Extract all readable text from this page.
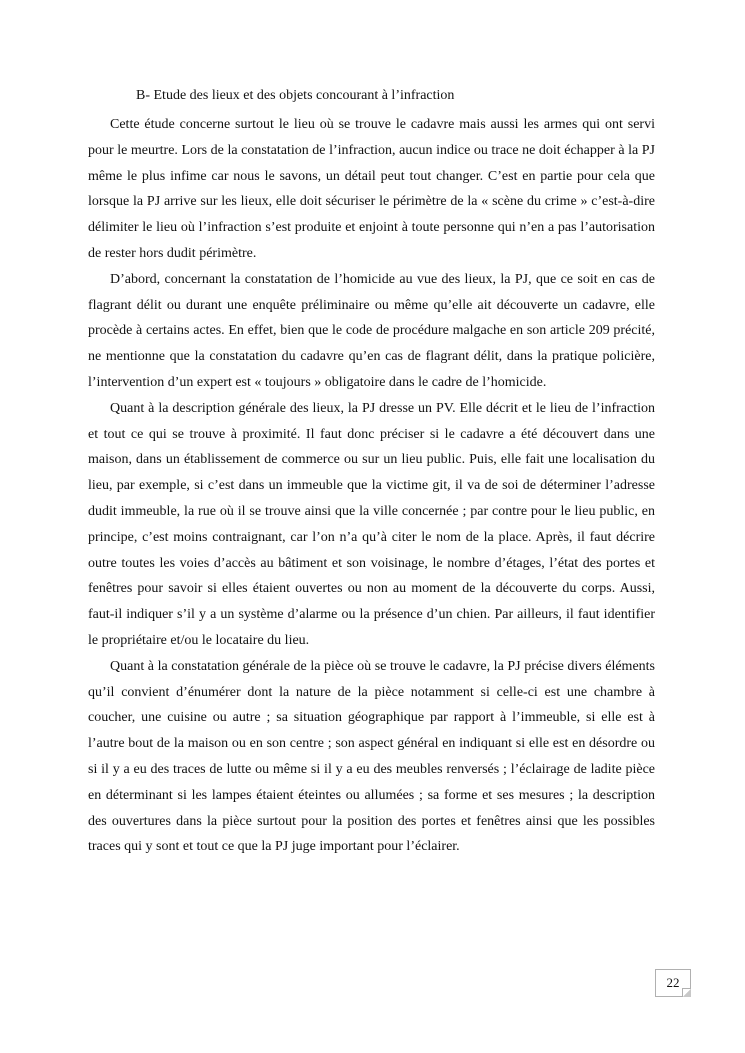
B- Etude des lieux et des objets concourant à l’infraction

Cette étude concerne surtout le lieu où se trouve le cadavre mais aussi les armes qui ont servi pour le meurtre. Lors de la constatation de l’infraction, aucun indice ou trace ne doit échapper à la PJ même le plus infime car nous le savons, un détail peut tout changer. C’est en partie pour cela que lorsque la PJ arrive sur les lieux, elle doit sécuriser le périmètre de la « scène du crime » c’est-à-dire délimiter le lieu où l’infraction s’est produite et enjoint à toute personne qui n’en a pas l’autorisation de rester hors dudit périmètre.

D’abord, concernant la constatation de l’homicide au vue des lieux, la PJ, que ce soit en cas de flagrant délit ou durant une enquête préliminaire ou même qu’elle ait découverte un cadavre, elle procède à certains actes. En effet, bien que le code de procédure malgache en son article 209 précité, ne mentionne que la constatation du cadavre qu’en cas de flagrant délit, dans la pratique policière, l’intervention d’un expert est « toujours » obligatoire dans le cadre de l’homicide.

Quant à la description générale des lieux, la PJ dresse un PV. Elle décrit et le lieu de l’infraction et tout ce qui se trouve à proximité. Il faut donc préciser si le cadavre a été découvert dans une maison, dans un établissement de commerce ou sur un lieu public. Puis, elle fait une localisation du lieu, par exemple, si c’est dans un immeuble que la victime git, il va de soi de déterminer l’adresse dudit immeuble, la rue où il se trouve ainsi que la ville concernée ; par contre pour le lieu public, en principe, c’est moins contraignant, car l’on n’a qu’à citer le nom de la place. Après, il faut décrire outre toutes les voies d’accès au bâtiment et son voisinage, le nombre d’étages, l’état des portes et fenêtres pour savoir si elles étaient ouvertes ou non au moment de la découverte du corps. Aussi, faut-il indiquer s’il y a un système d’alarme ou la présence d’un chien. Par ailleurs, il faut identifier le propriétaire et/ou le locataire du lieu.

Quant à la constatation générale de la pièce où se trouve le cadavre, la PJ précise divers éléments qu’il convient d’énumérer dont la nature de la pièce notamment si celle-ci est une chambre à coucher, une cuisine ou autre ; sa situation géographique par rapport à l’immeuble, si elle est à l’autre bout de la maison ou en son centre ; son aspect général en indiquant si elle est en désordre ou si il y a eu des traces de lutte ou même si il y a eu des meubles renversés ; l’éclairage de ladite pièce en déterminant si les lampes étaient éteintes ou allumées ; sa forme et ses mesures ; la description des ouvertures dans la pièce surtout pour la position des portes et fenêtres ainsi que les possibles traces qui y sont et tout ce que la PJ juge important pour l’éclairer.

22
